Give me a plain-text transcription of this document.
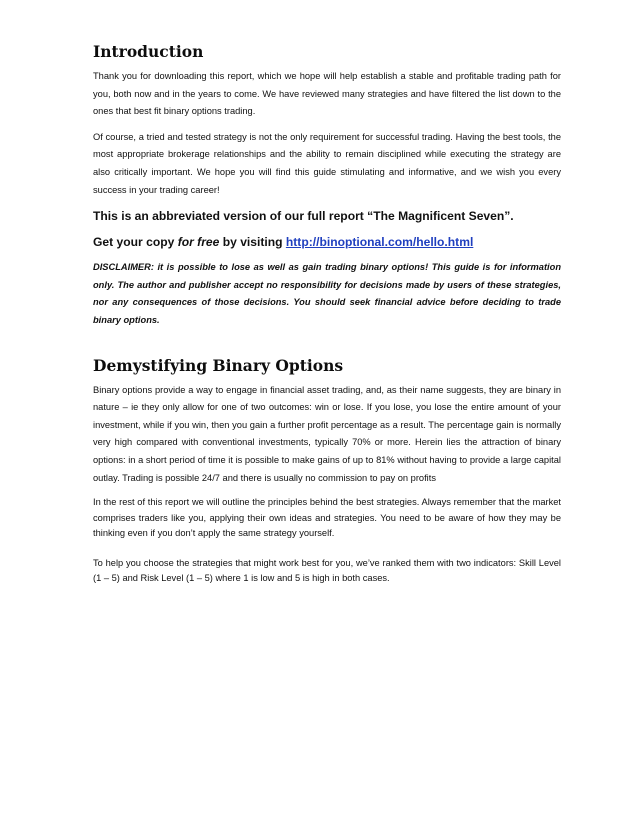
Introduction

Thank you for downloading this report, which we hope will help establish a stable and profitable trading path for you, both now and in the years to come. We have reviewed many strategies and have filtered the list down to the ones that best fit binary options trading.

Of course, a tried and tested strategy is not the only requirement for successful trading. Having the best tools, the most appropriate brokerage relationships and the ability to remain disciplined while executing the strategy are also critically important. We hope you will find this guide stimulating and informative, and we wish you every success in your trading career!

This is an abbreviated version of our full report “The Magnificent Seven”.

Get your copy for free by visiting http://binoptional.com/hello.html

DISCLAIMER: it is possible to lose as well as gain trading binary options! This guide is for information only. The author and publisher accept no responsibility for decisions made by users of these strategies, nor any consequences of those decisions. You should seek financial advice before deciding to trade binary options.

Demystifying Binary Options

Binary options provide a way to engage in financial asset trading, and, as their name suggests, they are binary in nature – ie they only allow for one of two outcomes: win or lose. If you lose, you lose the entire amount of your investment, while if you win, then you gain a further profit percentage as a result. The percentage gain is normally very high compared with conventional investments, typically 70% or more. Herein lies the attraction of binary options: in a short period of time it is possible to make gains of up to 81% without having to provide a large capital outlay. Trading is possible 24/7 and there is usually no commission to pay on profits

In the rest of this report we will outline the principles behind the best strategies. Always remember that the market comprises traders like you, applying their own ideas and strategies. You need to be aware of how they may be thinking even if you don’t apply the same strategy yourself.

To help you choose the strategies that might work best for you, we’ve ranked them with two indicators: Skill Level (1 – 5) and Risk Level (1 – 5) where 1 is low and 5 is high in both cases.
